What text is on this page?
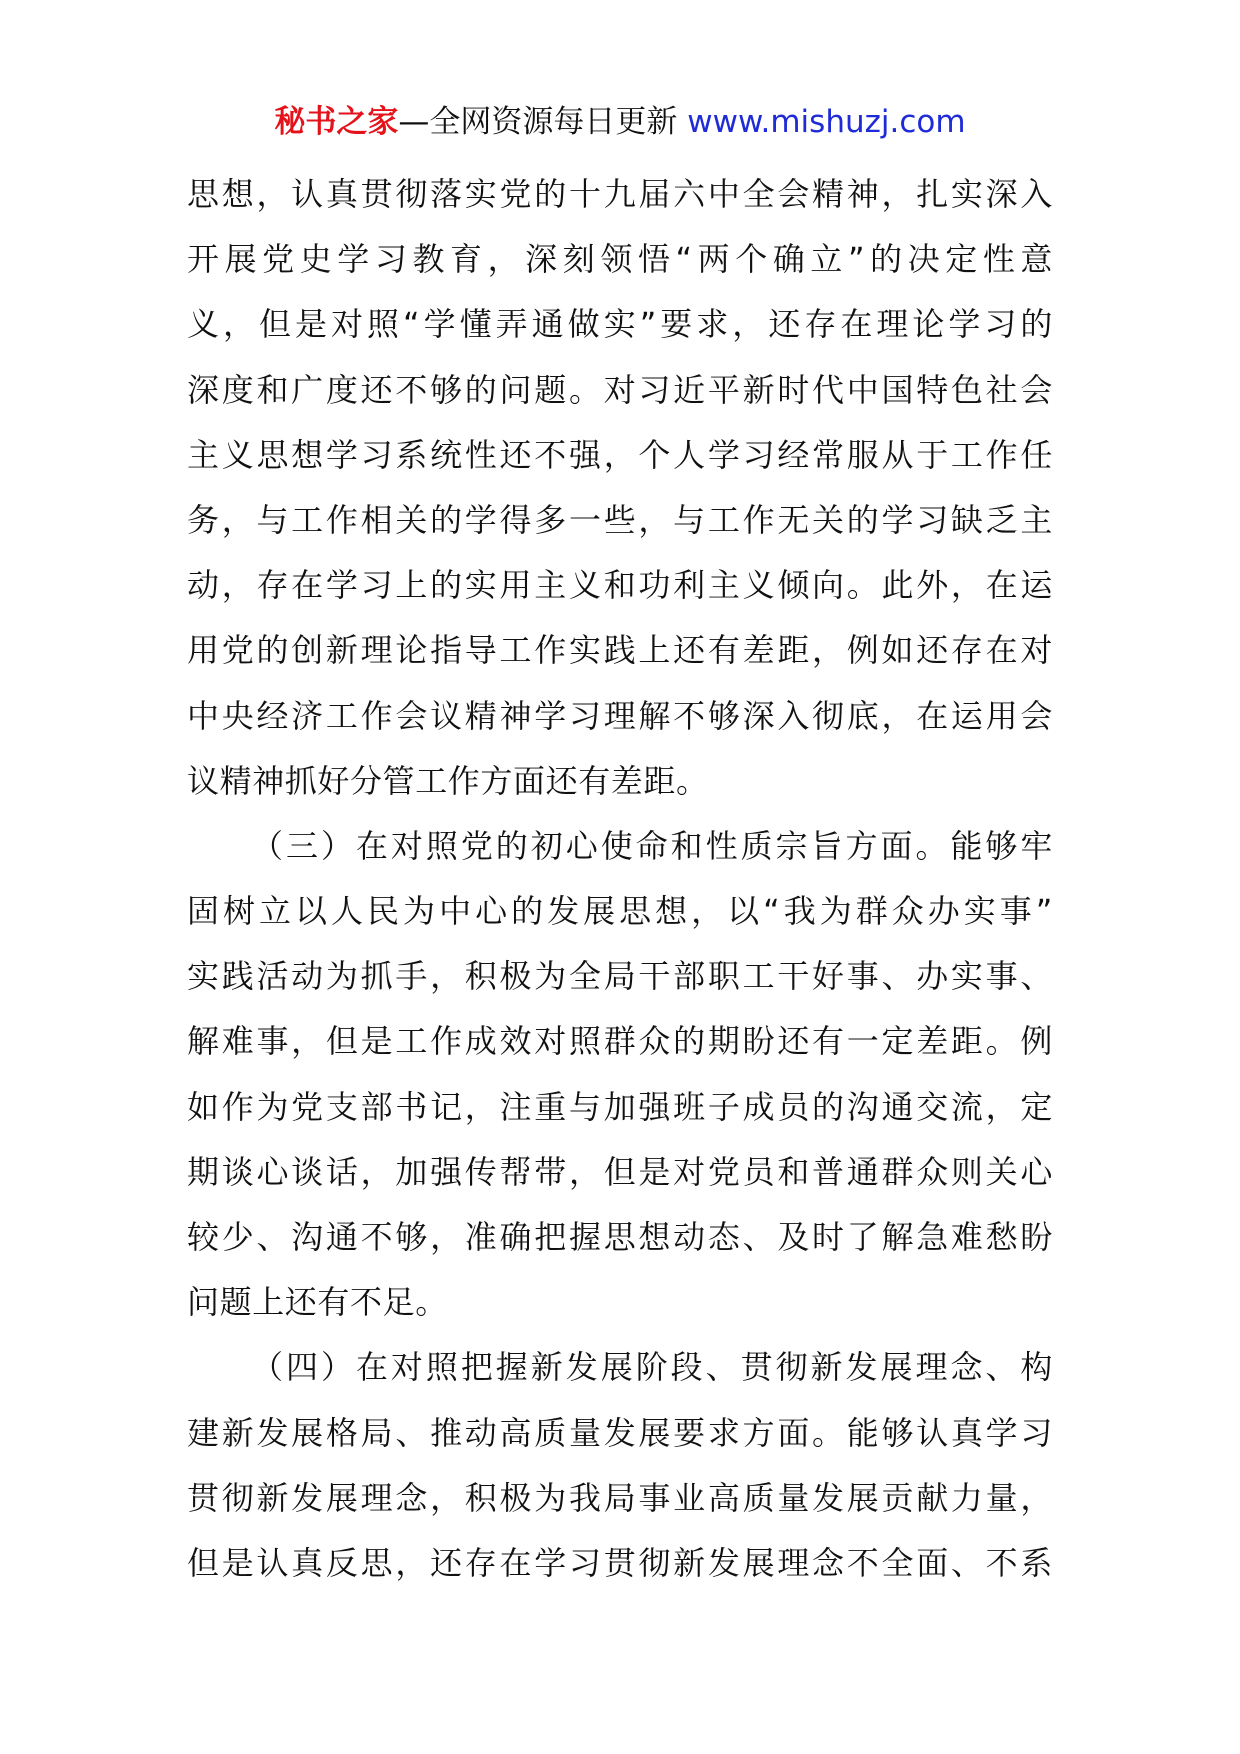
秘书之家—全网资源每日更新 www.mishuzj.com
思想，认真贯彻落实党的十九届六中全会精神，扎实深入
开展党史学习教育，深刻领悟“两个确立”的决定性意
义，但是对照“学懂弄通做实”要求，还存在理论学习的
深度和广度还不够的问题。对习近平新时代中国特色社会
主义思想学习系统性还不强，个人学习经常服从于工作任
务，与工作相关的学得多一些，与工作无关的学习缺乏主
动，存在学习上的实用主义和功利主义倾向。此外，在运
用党的创新理论指导工作实践上还有差距，例如还存在对
中央经济工作会议精神学习理解不够深入彻底，在运用会
议精神抓好分管工作方面还有差距。
（三）在对照党的初心使命和性质宗旨方面。能够牢
固树立以人民为中心的发展思想，以“我为群众办实事”
实践活动为抓手，积极为全局干部职工干好事、办实事、
解难事，但是工作成效对照群众的期盼还有一定差距。例
如作为党支部书记，注重与加强班子成员的沟通交流，定
期谈心谈话，加强传帮带，但是对党员和普通群众则关心
较少、沟通不够，准确把握思想动态、及时了解急难愁盼
问题上还有不足。
（四）在对照把握新发展阶段、贯彻新发展理念、构
建新发展格局、推动高质量发展要求方面。能够认真学习
贯彻新发展理念，积极为我局事业高质量发展贡献力量，
但是认真反思，还存在学习贯彻新发展理念不全面、不系
